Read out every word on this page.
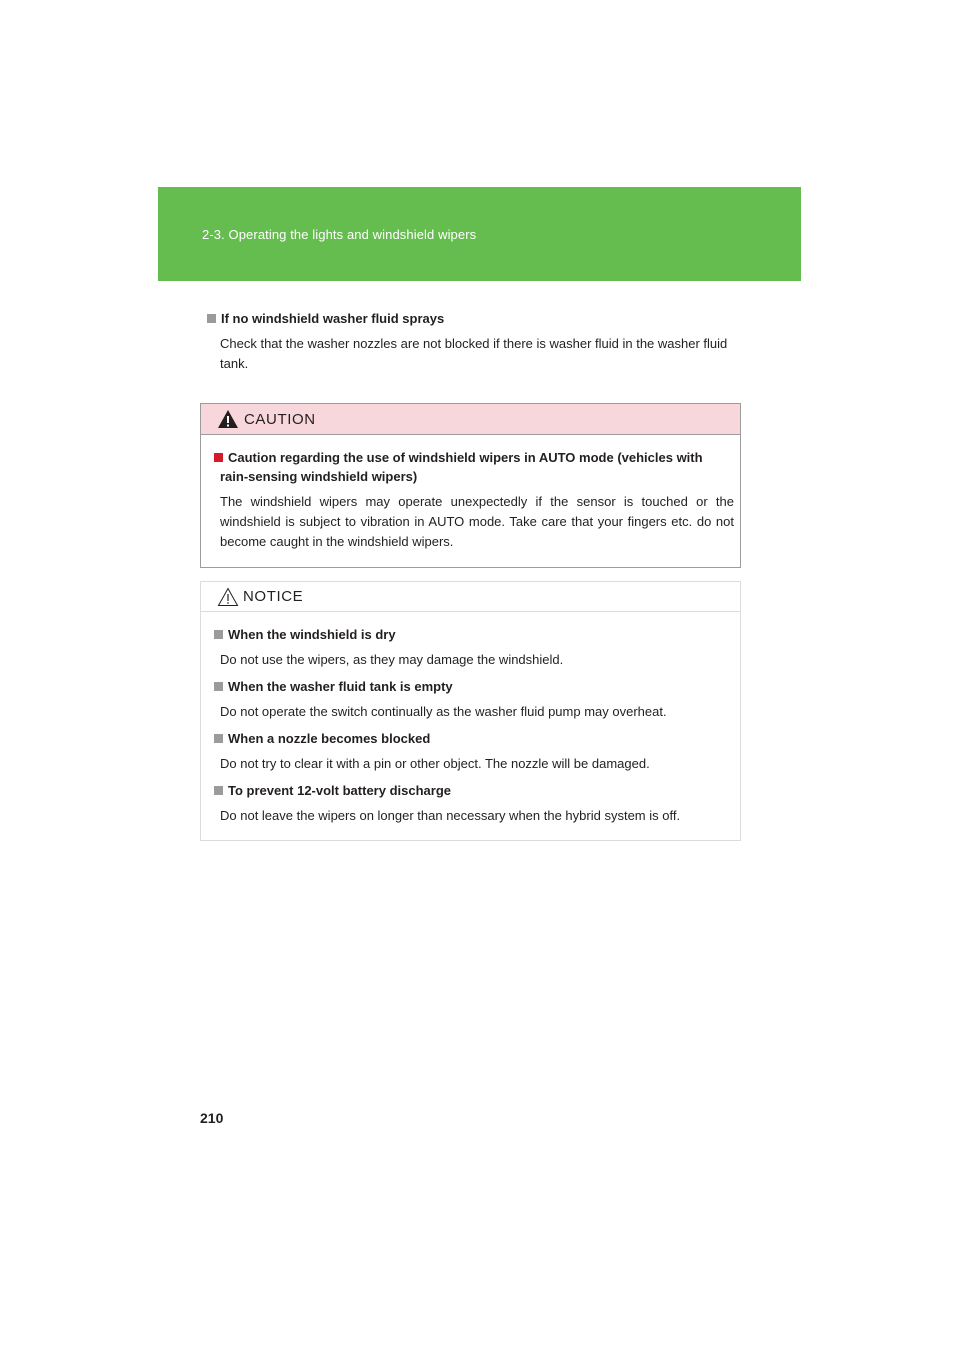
2-3. Operating the lights and windshield wipers
If no windshield washer fluid sprays
Check that the washer nozzles are not blocked if there is washer fluid in the washer fluid tank.
CAUTION
Caution regarding the use of windshield wipers in AUTO mode (vehicles with
rain-sensing windshield wipers)
The windshield wipers may operate unexpectedly if the sensor is touched or the windshield is subject to vibration in AUTO mode. Take care that your fingers etc. do not become caught in the windshield wipers.
NOTICE
When the windshield is dry
Do not use the wipers, as they may damage the windshield.
When the washer fluid tank is empty
Do not operate the switch continually as the washer fluid pump may overheat.
When a nozzle becomes blocked
Do not try to clear it with a pin or other object. The nozzle will be damaged.
To prevent 12-volt battery discharge
Do not leave the wipers on longer than necessary when the hybrid system is off.
210
